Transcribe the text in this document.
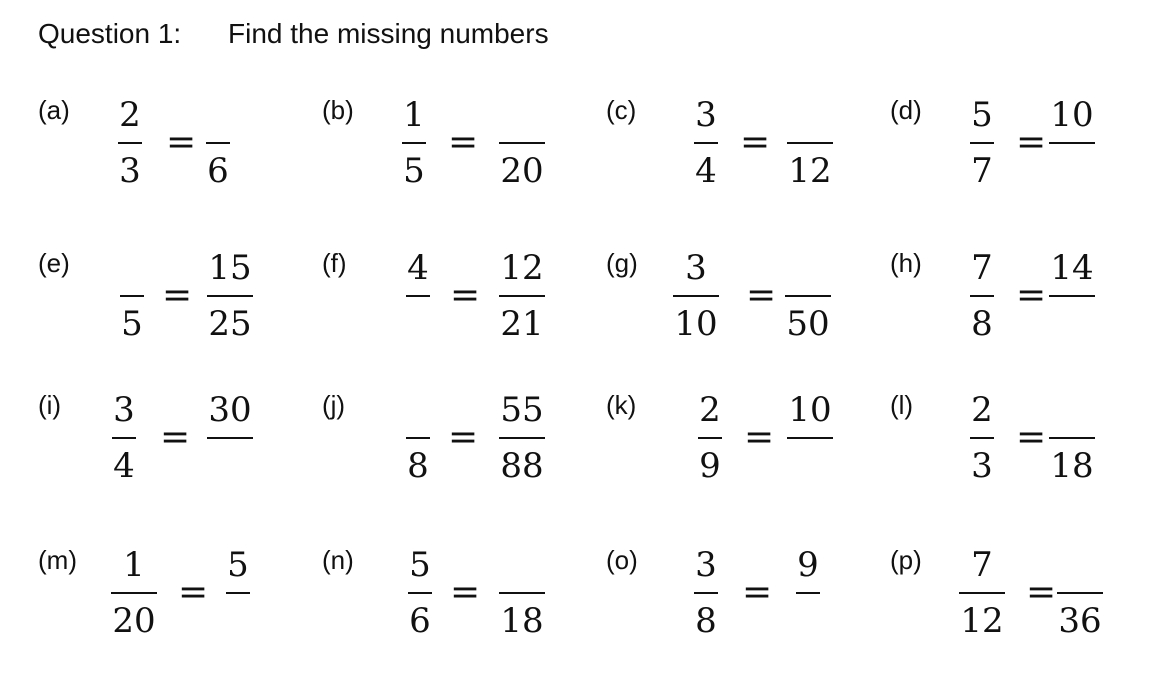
Question 1: Find the missing numbers
(a)	2
3
=
6
(b)	1
5
=
20
(c)	3
4
=
12
(d)	5
7
=
10
(e)
5
=
15
25
(f)	4
=
12
21
(g)	3
10
=
50
(h)	7
8
=
14
(i)	3
4
=
30	(j)
8
=
55
88
(k)	2
9
=
10	(l)	2
3
=
18
(m)	1
20
=
5	(n)	5
6
=
18
(o)	3
8
=
9	(p)	7
12
=
36
